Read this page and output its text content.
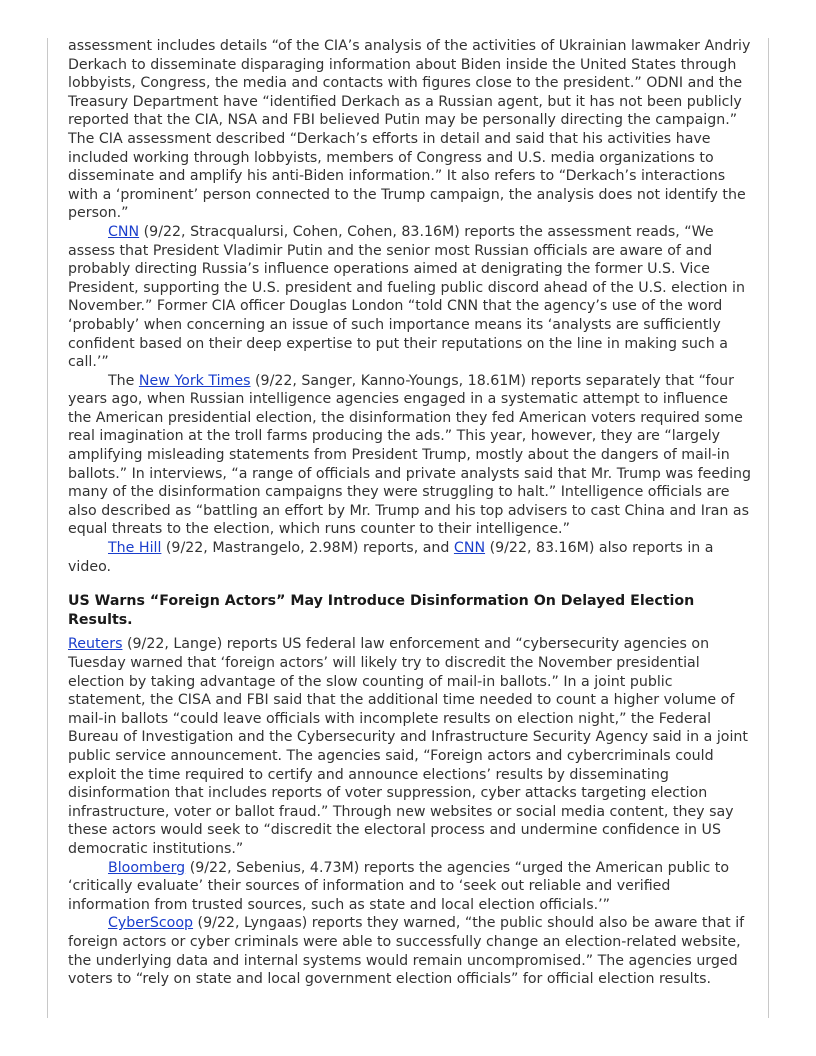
assessment includes details “of the CIA’s analysis of the activities of Ukrainian lawmaker Andriy Derkach to disseminate disparaging information about Biden inside the United States through lobbyists, Congress, the media and contacts with figures close to the president.” ODNI and the Treasury Department have “identified Derkach as a Russian agent, but it has not been publicly reported that the CIA, NSA and FBI believed Putin may be personally directing the campaign.” The CIA assessment described “Derkach’s efforts in detail and said that his activities have included working through lobbyists, members of Congress and U.S. media organizations to disseminate and amplify his anti-Biden information.” It also refers to “Derkach’s interactions with a ‘prominent’ person connected to the Trump campaign, the analysis does not identify the person.”

CNN (9/22, Stracqualursi, Cohen, Cohen, 83.16M) reports the assessment reads, “We assess that President Vladimir Putin and the senior most Russian officials are aware of and probably directing Russia’s influence operations aimed at denigrating the former U.S. Vice President, supporting the U.S. president and fueling public discord ahead of the U.S. election in November.” Former CIA officer Douglas London “told CNN that the agency’s use of the word ‘probably’ when concerning an issue of such importance means its ‘analysts are sufficiently confident based on their deep expertise to put their reputations on the line in making such a call.’”

The New York Times (9/22, Sanger, Kanno-Youngs, 18.61M) reports separately that “four years ago, when Russian intelligence agencies engaged in a systematic attempt to influence the American presidential election, the disinformation they fed American voters required some real imagination at the troll farms producing the ads.” This year, however, they are “largely amplifying misleading statements from President Trump, mostly about the dangers of mail-in ballots.” In interviews, “a range of officials and private analysts said that Mr. Trump was feeding many of the disinformation campaigns they were struggling to halt.” Intelligence officials are also described as “battling an effort by Mr. Trump and his top advisers to cast China and Iran as equal threats to the election, which runs counter to their intelligence.”

The Hill (9/22, Mastrangelo, 2.98M) reports, and CNN (9/22, 83.16M) also reports in a video.

US Warns “Foreign Actors” May Introduce Disinformation On Delayed Election Results.

Reuters (9/22, Lange) reports US federal law enforcement and “cybersecurity agencies on Tuesday warned that ‘foreign actors’ will likely try to discredit the November presidential election by taking advantage of the slow counting of mail-in ballots.” In a joint public statement, the CISA and FBI said that the additional time needed to count a higher volume of mail-in ballots “could leave officials with incomplete results on election night,” the Federal Bureau of Investigation and the Cybersecurity and Infrastructure Security Agency said in a joint public service announcement. The agencies said, “Foreign actors and cybercriminals could exploit the time required to certify and announce elections’ results by disseminating disinformation that includes reports of voter suppression, cyber attacks targeting election infrastructure, voter or ballot fraud.” Through new websites or social media content, they say these actors would seek to “discredit the electoral process and undermine confidence in US democratic institutions.”

Bloomberg (9/22, Sebenius, 4.73M) reports the agencies “urged the American public to ‘critically evaluate’ their sources of information and to ‘seek out reliable and verified information from trusted sources, such as state and local election officials.’”

CyberScoop (9/22, Lyngaas) reports they warned, “the public should also be aware that if foreign actors or cyber criminals were able to successfully change an election-related website, the underlying data and internal systems would remain uncompromised.” The agencies urged voters to “rely on state and local government election officials” for official election results.
